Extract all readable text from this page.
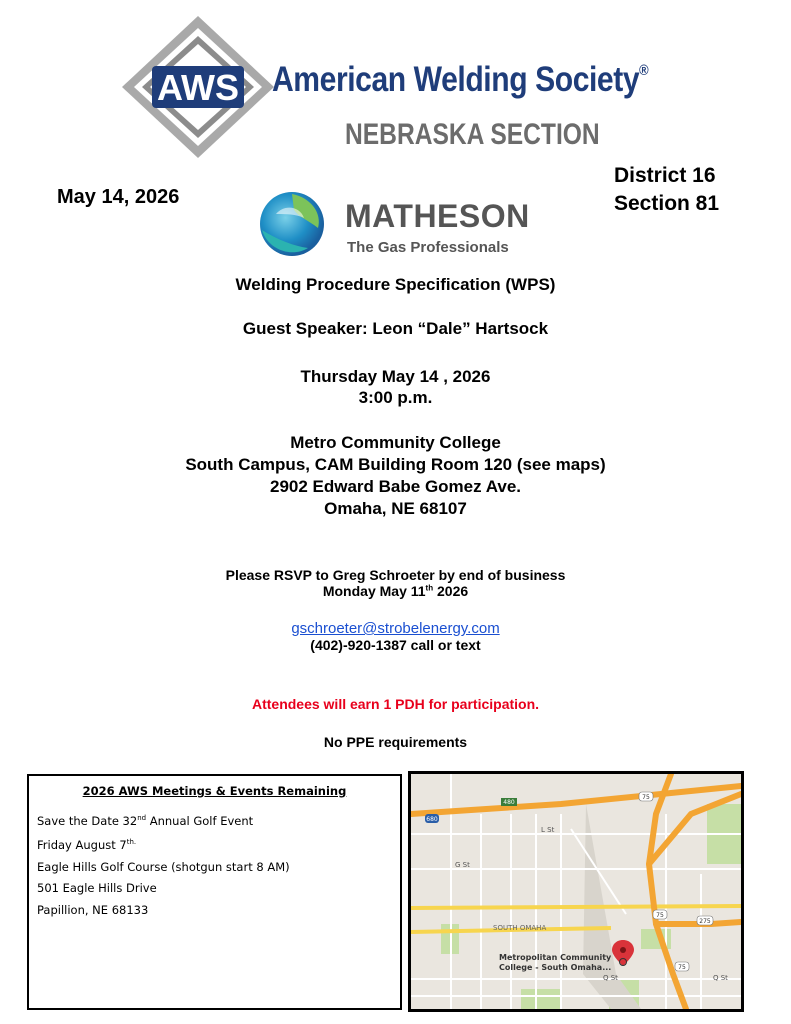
AWS American Welding Society®
NEBRASKA SECTION
May 14, 2026
District 16
Section 81
MATHESON
The Gas Professionals
Welding Procedure Specification (WPS)
Guest Speaker: Leon “Dale” Hartsock
Thursday May 14 , 2026
3:00 p.m.
Metro Community College
South Campus, CAM Building Room 120 (see maps)
2902 Edward Babe Gomez Ave.
Omaha, NE 68107
Please RSVP to Greg Schroeter by end of business
Monday May 11th 2026
gschroeter@strobelenergy.com
(402)-920-1387 call or text
Attendees will earn 1 PDH for participation.
No PPE requirements
2026 AWS Meetings & Events Remaining
Save the Date 32nd Annual Golf Event
Friday August $7^{th.}$
Eagle Hills Golf Course (shotgun start 8 AM)
501 Eagle Hills Drive
Papillion, NE 68133
480
75
75
75
275
680
G St
Q St	Q St
L St
SOUTH OMAHA
Metropolitan Community
College - South Omaha...
